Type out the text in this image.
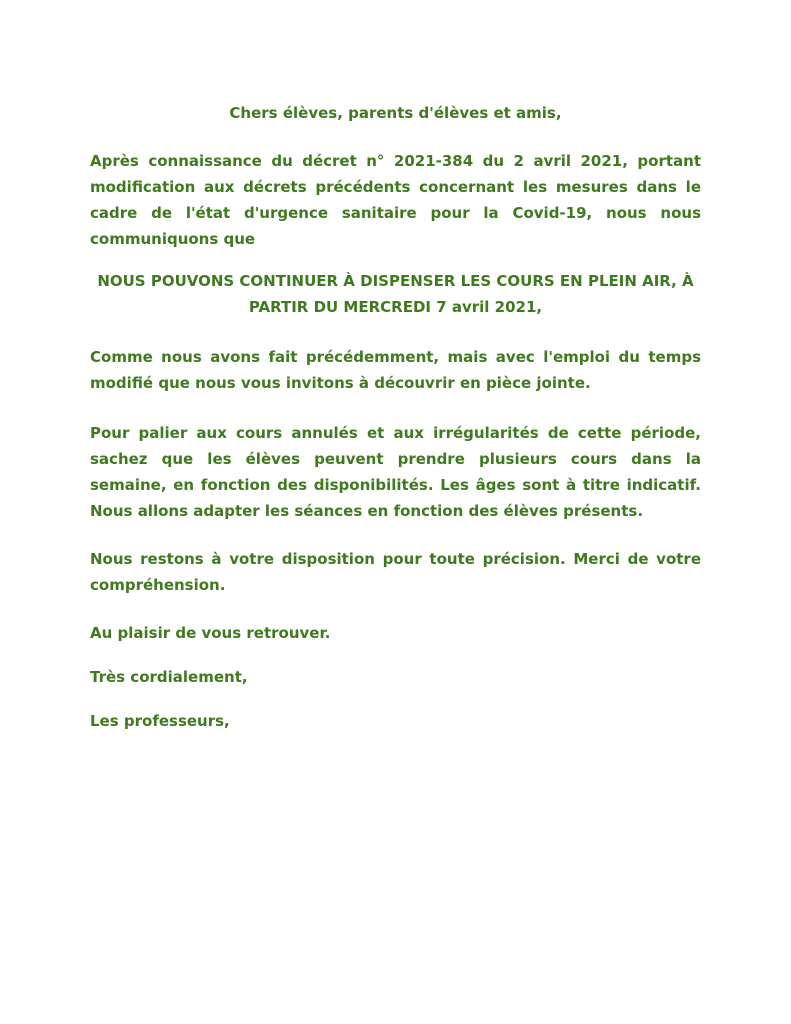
Chers élèves, parents d'élèves et amis,

Après connaissance du décret n° 2021-384 du 2 avril 2021, portant modification aux décrets précédents concernant les mesures dans le cadre de l'état d'urgence sanitaire pour la Covid-19, nous nous communiquons que

NOUS POUVONS CONTINUER À DISPENSER LES COURS EN PLEIN AIR, À PARTIR DU MERCREDI 7 avril 2021,

Comme nous avons fait précédemment, mais avec l'emploi du temps modifié que nous vous invitons à découvrir en pièce jointe.

Pour palier aux cours annulés et aux irrégularités de cette période, sachez que les élèves peuvent prendre plusieurs cours dans la semaine, en fonction des disponibilités. Les âges sont à titre indicatif. Nous allons adapter les séances en fonction des élèves présents.

Nous restons à votre disposition pour toute précision. Merci de votre compréhension.

Au plaisir de vous retrouver.

Très cordialement,

Les professeurs,
